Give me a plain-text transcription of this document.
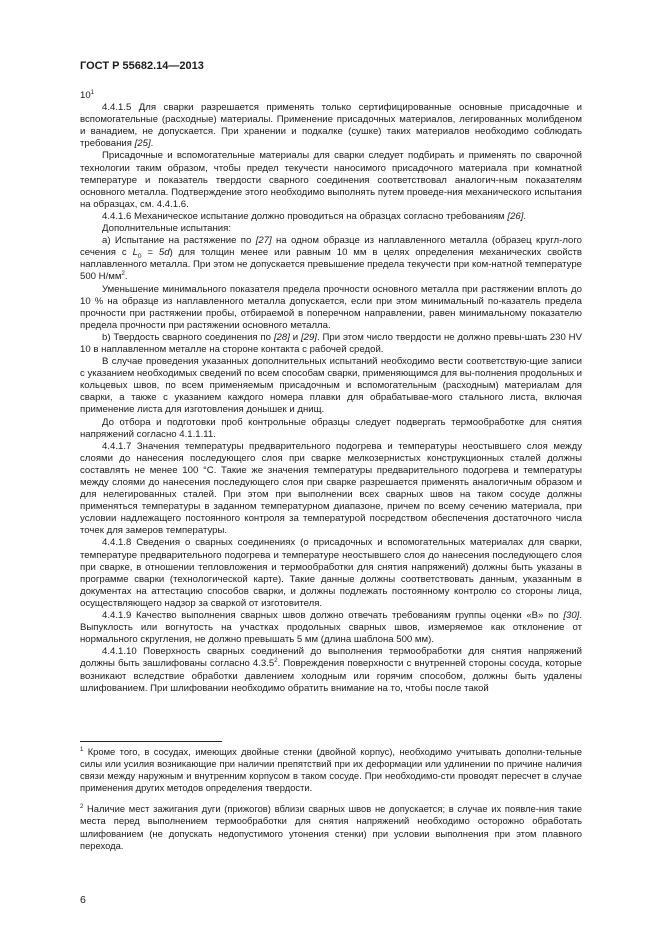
ГОСТ Р 55682.14—2013

$10^1$

4.4.1.5 Для сварки разрешается применять только сертифицированные основные присадочные и вспомогательные (расходные) материалы. Применение присадочных материалов, легированных молибденом и ванадием, не допускается. При хранении и подкалке (сушке) таких материалов необходимо соблюдать требования [25].

Присадочные и вспомогательные материалы для сварки следует подбирать и применять по сварочной технологии таким образом, чтобы предел текучести наносимого присадочного материала при комнатной температуре и показатель твердости сварного соединения соответствовал аналогич-ным показателям основного металла. Подтверждение этого необходимо выполнять путем проведе-ния механического испытания на образцах, см. 4.4.1.6.

4.4.1.6 Механическое испытание должно проводиться на образцах согласно требованиям [26].

Дополнительные испытания:

а) Испытание на растяжение по [27] на одном образце из наплавленного металла (образец кругл-лого сечения с $L_0 = 5d$) для толщин менее или равным 10 мм в целях определения механических свойств наплавленного металла. При этом не допускается превышение предела текучести при ком-натной температуре 500 $Н/мм^2$.

Уменьшение минимального показателя предела прочности основного металла при растяжении вплоть до 10 % на образце из наплавленного металла допускается, если при этом минимальный по-казатель предела прочности при растяжении пробы, отбираемой в поперечном направлении, равен минимальному показателю предела прочности при растяжении основного металла.

b) Твердость сварного соединения по [28] и [29]. При этом число твердости не должно превы-шать 230 HV 10 в наплавленном металле на стороне контакта с рабочей средой.

В случае проведения указанных дополнительных испытаний необходимо вести соответствую-щие записи с указанием необходимых сведений по всем способам сварки, применяющимся для вы-полнения продольных и кольцевых швов, по всем применяемым присадочным и вспомогательным (расходным) материалам для сварки, а также с указанием каждого номера плавки для обрабатывае-мого стального листа, включая применение листа для изготовления донышек и днищ.

До отбора и подготовки проб контрольные образцы следует подвергать термообработке для снятия напряжений согласно 4.1.1.11.

4.4.1.7 Значения температуры предварительного подогрева и температуры неостывшего слоя между слоями до нанесения последующего слоя при сварке мелкозернистых конструкционных сталей должны составлять не менее 100 °С. Такие же значения температуры предварительного подогрева и температуры между слоями до нанесения последующего слоя при сварке разрешается применять аналогичным образом и для нелегированных сталей. При этом при выполнении всех сварных швов на таком сосуде должны применяться температуры в заданном температурном диапазоне, причем по всему сечению материала, при условии надлежащего постоянного контроля за температурой посредством обеспечения достаточного числа точек для замеров температуры.

4.4.1.8 Сведения о сварных соединениях (о присадочных и вспомогательных материалах для сварки, температуре предварительного подогрева и температуре неостывшего слоя до нанесения последующего слоя при сварке, в отношении тепловложения и термообработки для снятия напряжений) должны быть указаны в программе сварки (технологической карте). Такие данные должны соответствовать данным, указанным в документах на аттестацию способов сварки, и должны подлежать постоянному контролю со стороны лица, осуществляющего надзор за сваркой от изготовителя.

4.4.1.9 Качество выполнения сварных швов должно отвечать требованиям группы оценки «В» по [30]. Выпуклость или вогнутость на участках продольных сварных швов, измеряемое как отклонение от нормального скругления, не должно превышать 5 мм (длина шаблона 500 мм).

4.4.1.10 Поверхность сварных соединений до выполнения термообработки для снятия напряжений должны быть зашлифованы согласно 4.3.5$^2$. Повреждения поверхности с внутренней стороны сосуда, которые возникают вследствие обработки давлением холодным или горячим способом, должны быть удалены шлифованием. При шлифовании необходимо обратить внимание на то, чтобы после такой

$^1$ Кроме того, в сосудах, имеющих двойные стенки (двойной корпус), необходимо учитывать дополни-тельные силы или усилия возникающие при наличии препятствий при их деформации или удлинении по причине наличия связи между наружным и внутренним корпусом в таком сосуде. При необходимо-сти проводят пересчет в случае применения других методов определения твердости.

$^2$ Наличие мест зажигания дуги (прижогов) вблизи сварных швов не допускается; в случае их появле-ния такие места перед выполнением термообработки для снятия напряжений необходимо осторожно обработать шлифованием (не допускать недопустимого утонения стенки) при условии выполнения при этом плавного перехода.

6
